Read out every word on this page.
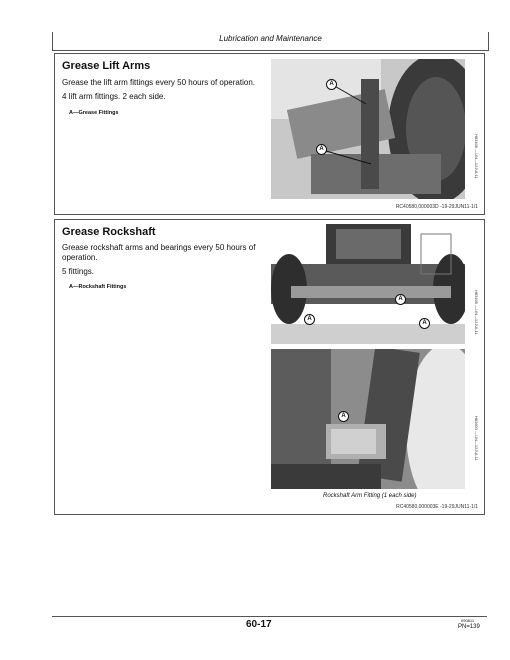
Lubrication and Maintenance
Grease Lift Arms
Grease the lift arm fittings every 50 hours of operation.
4 lift arm fittings. 2 each side.
A—Grease Fittings
A
A	H83406 —UN—12JUL11
RC40580,000003D -19-29JUN11-1/1
Grease Rockshaft
Grease rockshaft arms and bearings every 50 hours of
operation.
5 fittings.
A—Rockshaft Fittings
A
A
A	H83405 —UN—12JUL11
A	H83603 —UN—12JUL11
Rockshaft Arm Fitting (1 each side)
RC40580,000003E -19-29JUN11-1/1
60-17	090811
PN=139
